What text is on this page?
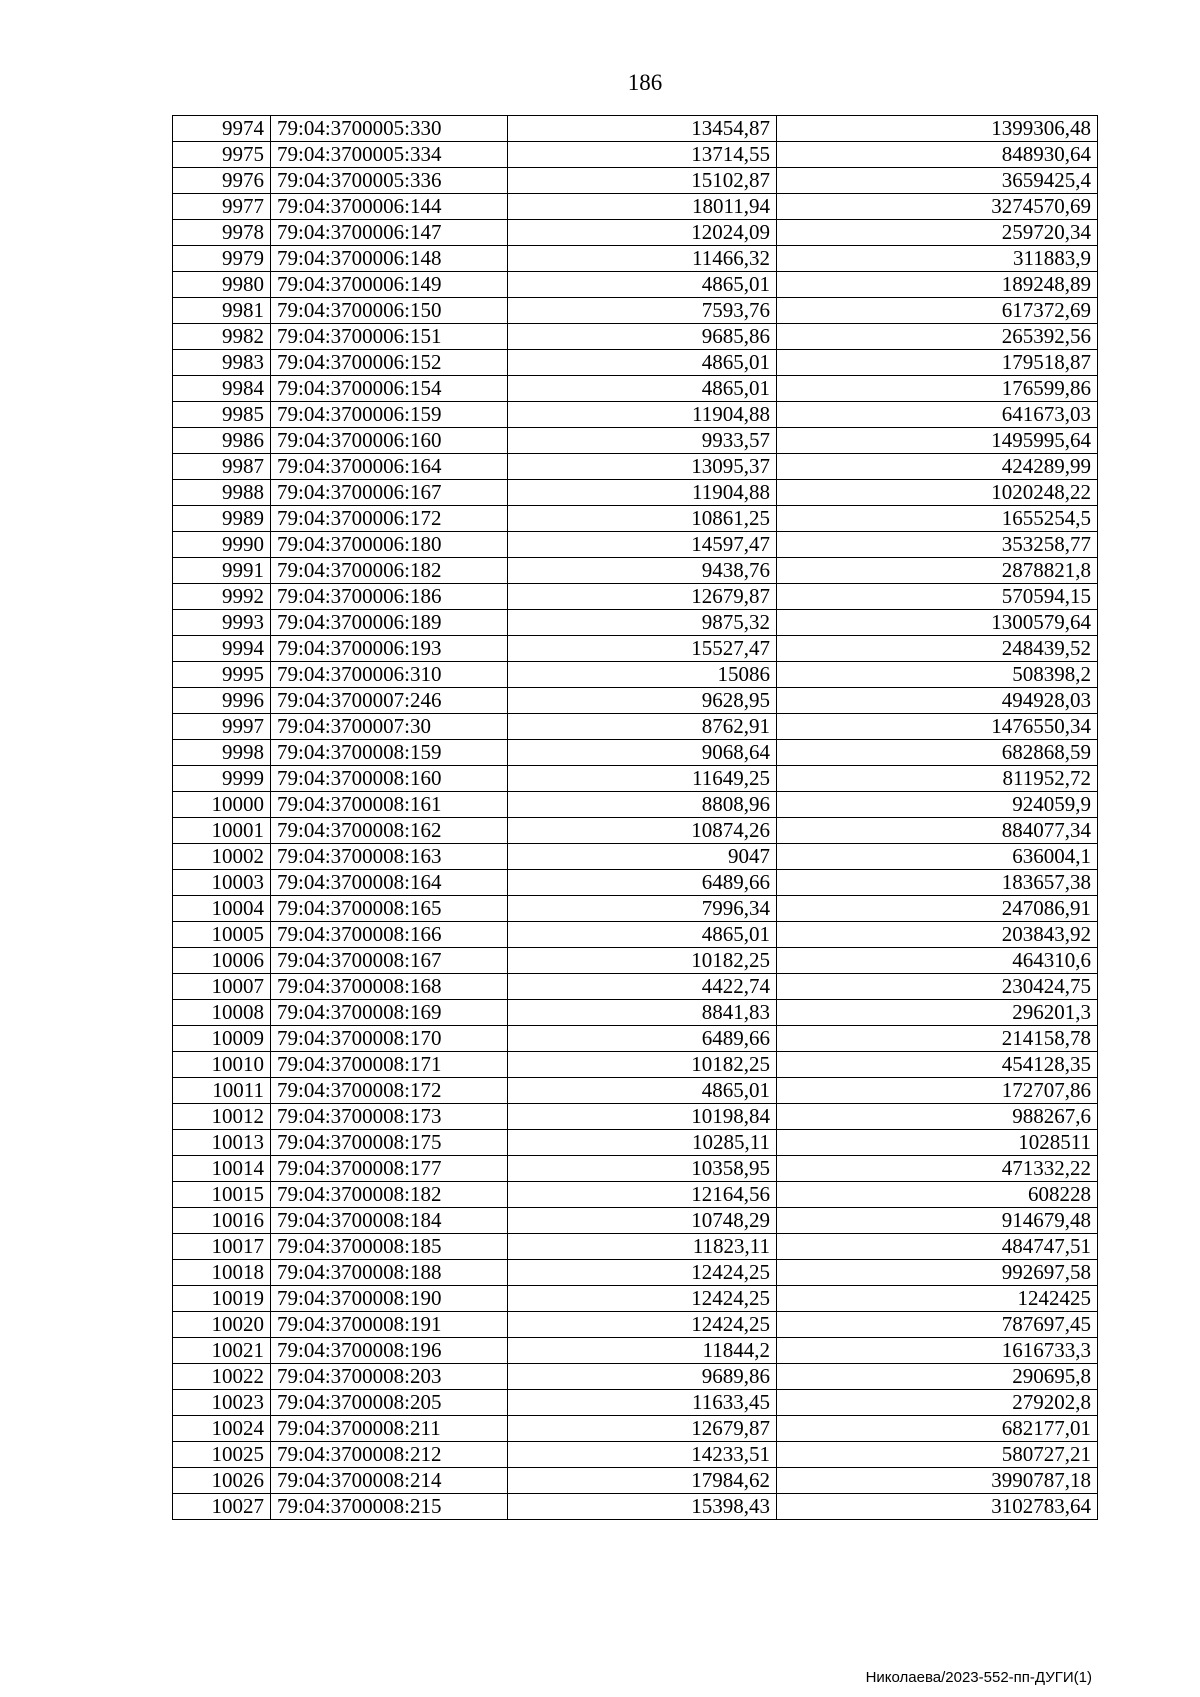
186
9974	79:04:3700005:330	13454,87	1399306,48
9975	79:04:3700005:334	13714,55	848930,64
9976	79:04:3700005:336	15102,87	3659425,4
9977	79:04:3700006:144	18011,94	3274570,69
9978	79:04:3700006:147	12024,09	259720,34
9979	79:04:3700006:148	11466,32	311883,9
9980	79:04:3700006:149	4865,01	189248,89
9981	79:04:3700006:150	7593,76	617372,69
9982	79:04:3700006:151	9685,86	265392,56
9983	79:04:3700006:152	4865,01	179518,87
9984	79:04:3700006:154	4865,01	176599,86
9985	79:04:3700006:159	11904,88	641673,03
9986	79:04:3700006:160	9933,57	1495995,64
9987	79:04:3700006:164	13095,37	424289,99
9988	79:04:3700006:167	11904,88	1020248,22
9989	79:04:3700006:172	10861,25	1655254,5
9990	79:04:3700006:180	14597,47	353258,77
9991	79:04:3700006:182	9438,76	2878821,8
9992	79:04:3700006:186	12679,87	570594,15
9993	79:04:3700006:189	9875,32	1300579,64
9994	79:04:3700006:193	15527,47	248439,52
9995	79:04:3700006:310	15086	508398,2
9996	79:04:3700007:246	9628,95	494928,03
9997	79:04:3700007:30	8762,91	1476550,34
9998	79:04:3700008:159	9068,64	682868,59
9999	79:04:3700008:160	11649,25	811952,72
10000	79:04:3700008:161	8808,96	924059,9
10001	79:04:3700008:162	10874,26	884077,34
10002	79:04:3700008:163	9047	636004,1
10003	79:04:3700008:164	6489,66	183657,38
10004	79:04:3700008:165	7996,34	247086,91
10005	79:04:3700008:166	4865,01	203843,92
10006	79:04:3700008:167	10182,25	464310,6
10007	79:04:3700008:168	4422,74	230424,75
10008	79:04:3700008:169	8841,83	296201,3
10009	79:04:3700008:170	6489,66	214158,78
10010	79:04:3700008:171	10182,25	454128,35
10011	79:04:3700008:172	4865,01	172707,86
10012	79:04:3700008:173	10198,84	988267,6
10013	79:04:3700008:175	10285,11	1028511
10014	79:04:3700008:177	10358,95	471332,22
10015	79:04:3700008:182	12164,56	608228
10016	79:04:3700008:184	10748,29	914679,48
10017	79:04:3700008:185	11823,11	484747,51
10018	79:04:3700008:188	12424,25	992697,58
10019	79:04:3700008:190	12424,25	1242425
10020	79:04:3700008:191	12424,25	787697,45
10021	79:04:3700008:196	11844,2	1616733,3
10022	79:04:3700008:203	9689,86	290695,8
10023	79:04:3700008:205	11633,45	279202,8
10024	79:04:3700008:211	12679,87	682177,01
10025	79:04:3700008:212	14233,51	580727,21
10026	79:04:3700008:214	17984,62	3990787,18
10027	79:04:3700008:215	15398,43	3102783,64
Николаева/2023-552-пп-ДУГИ(1)
